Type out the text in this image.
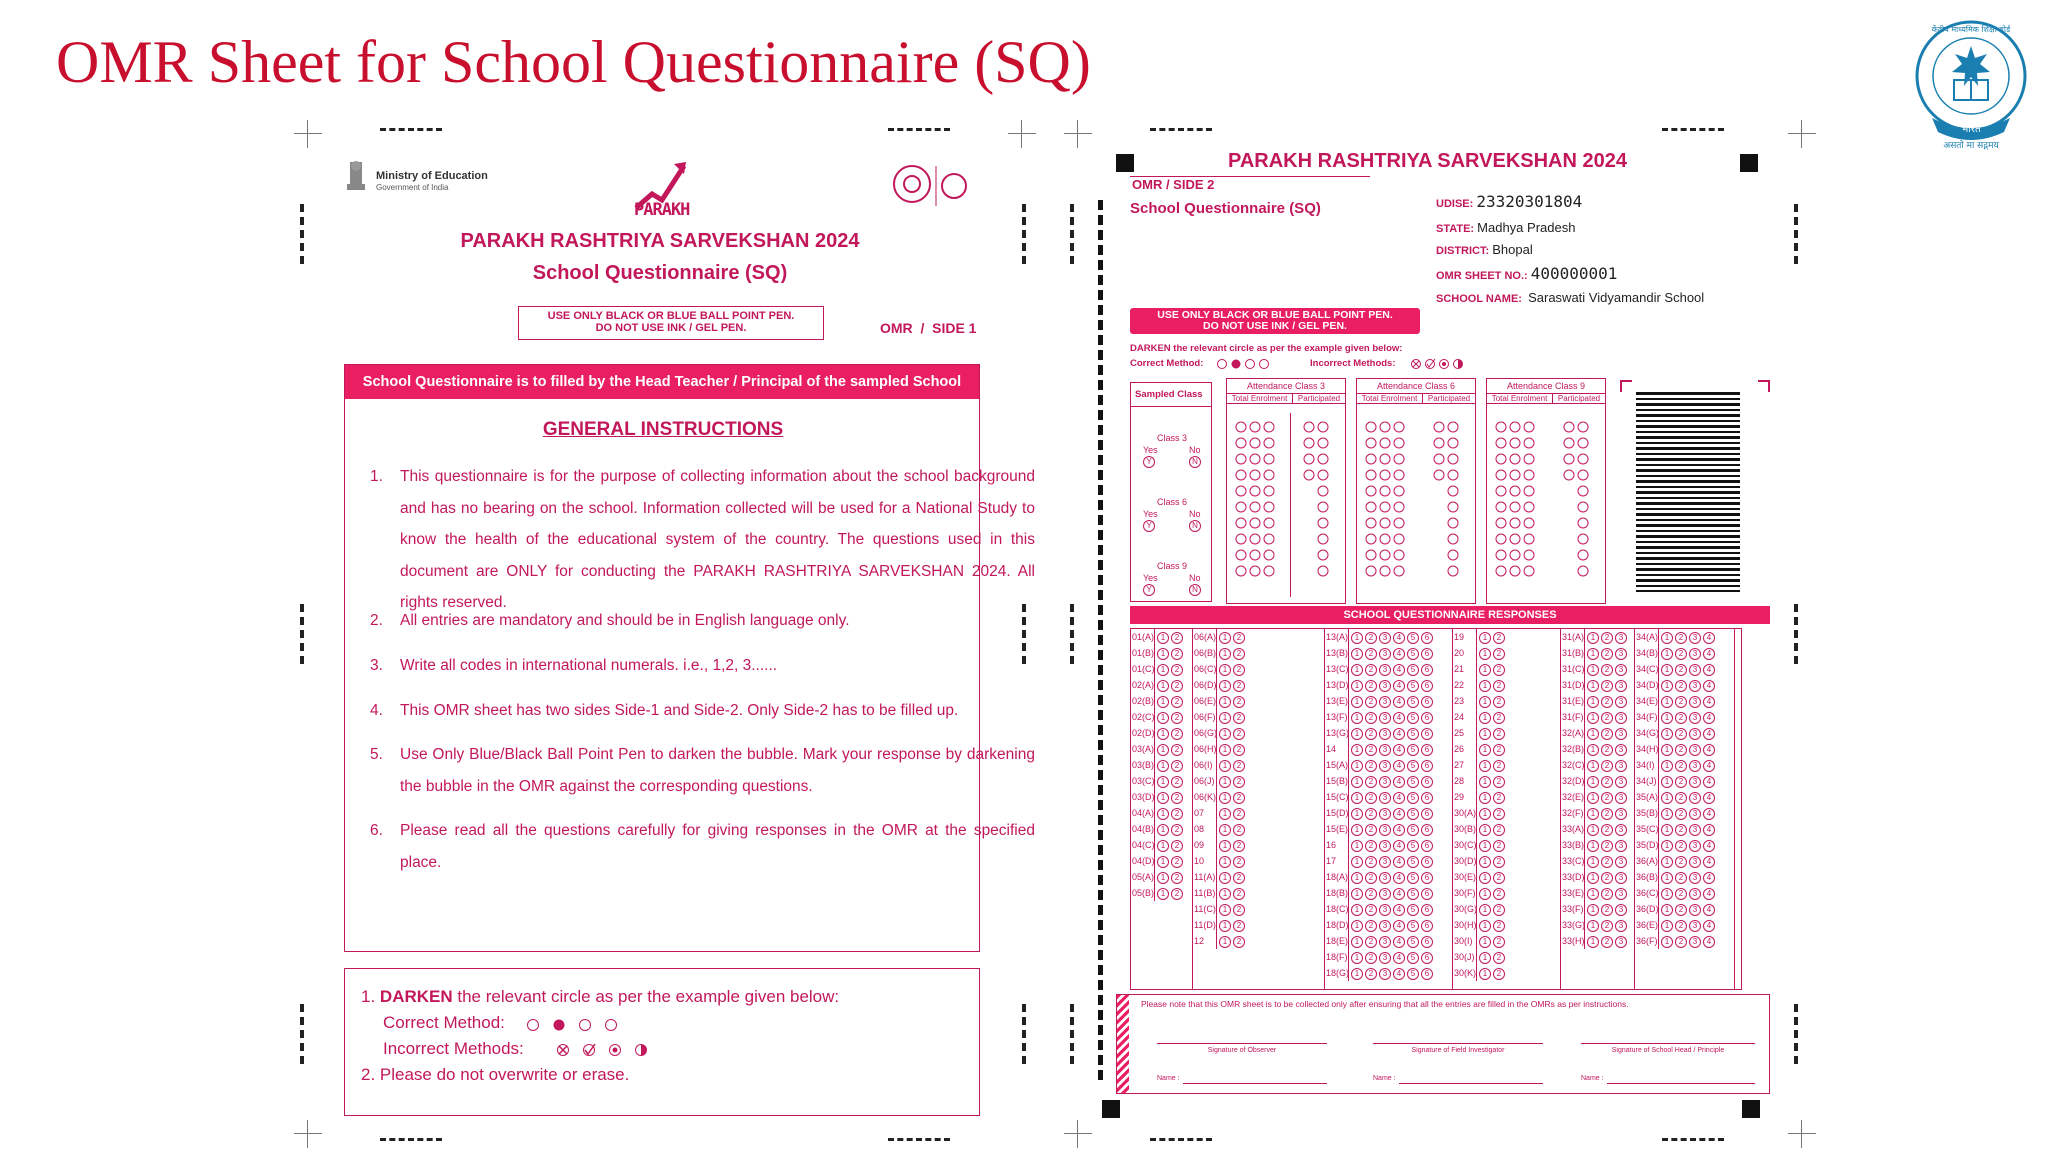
OMR Sheet for School Questionnaire (SQ)
भारत
असतो मा सद्गमय
केंद्रीय माध्यमिक शिक्षा बोर्ड
Ministry of Education
Government of India
PARAKH
PARAKH RASHTRIYA SARVEKSHAN 2024
School Questionnaire (SQ)
USE ONLY BLACK OR BLUE BALL POINT PEN.
DO NOT USE INK / GEL PEN.	OMR  /  SIDE 1
School Questionnaire is to filled by the Head Teacher / Principal of the sampled School
GENERAL INSTRUCTIONS
1. This questionnaire is for the purpose of collecting information about the school background and has no bearing on the school. Information collected will be used for a National Study to know the health of the educational system of the country. The questions used in this document are ONLY for conducting the PARAKH RASHTRIYA SARVEKSHAN 2024. All rights reserved.
2. All entries are mandatory and should be in English language only.
3. Write all codes in international numerals. i.e., 1,2, 3......
4. This OMR sheet has two sides Side-1 and Side-2. Only Side-2 has to be filled up.
5. Use Only Blue/Black Ball Point Pen to darken the bubble. Mark your response by darkening the bubble in the OMR against the corresponding questions.
6. Please read all the questions carefully for giving responses in the OMR at the specified place.
1. DARKEN the relevant circle as per the example given below:
Correct Method:
Incorrect Methods:
2. Please do not overwrite or erase.
PARAKH RASHTRIYA SARVEKSHAN 2024
OMR / SIDE 2
School Questionnaire (SQ)	UDISE: 23320301804
STATE: Madhya Pradesh
DISTRICT: Bhopal
OMR SHEET NO.: 400000001
SCHOOL NAME: Saraswati Vidyamandir School
USE ONLY BLACK OR BLUE BALL POINT PEN.
DO NOT USE INK / GEL PEN.
DARKEN the relevant circle as per the example given below:
Correct Method:	Incorrect Methods:
Sampled Class
Class 3
Yes	No
Y	N
Class 6
Yes	No
Y	N
Class 9
Yes	No
Y	N
Attendance Class 3
Total Enrolment	Participated
Attendance Class 6
Total Enrolment	Participated
Attendance Class 9
Total Enrolment	Participated
SCHOOL QUESTIONNAIRE RESPONSES
01(A) 1 2
01(B) 1 2
01(C) 1 2
02(A) 1 2
02(B) 1 2
02(C) 1 2
02(D) 1 2
03(A) 1 2
03(B) 1 2
03(C) 1 2
03(D) 1 2
04(A) 1 2
04(B) 1 2
04(C) 1 2
04(D) 1 2
05(A) 1 2
05(B) 1 2
06(A) 1 2
06(B) 1 2
06(C) 1 2
06(D) 1 2
06(E) 1 2
06(F) 1 2
06(G) 1 2
06(H) 1 2
06(I) 1 2
06(J) 1 2
06(K) 1 2
07 1 2
08 1 2
09 1 2
10 1 2
11(A) 1 2
11(B) 1 2
11(C) 1 2
11(D) 1 2
12 1 2
13(A) 1 2 3 4 5 6
13(B) 1 2 3 4 5 6
13(C) 1 2 3 4 5 6
13(D) 1 2 3 4 5 6
13(E) 1 2 3 4 5 6
13(F) 1 2 3 4 5 6
13(G) 1 2 3 4 5 6
14 1 2 3 4 5 6
15(A) 1 2 3 4 5 6
15(B) 1 2 3 4 5 6
15(C) 1 2 3 4 5 6
15(D) 1 2 3 4 5 6
15(E) 1 2 3 4 5 6
16 1 2 3 4 5 6
17 1 2 3 4 5 6
18(A) 1 2 3 4 5 6
18(B) 1 2 3 4 5 6
18(C) 1 2 3 4 5 6
18(D) 1 2 3 4 5 6
18(E) 1 2 3 4 5 6
18(F) 1 2 3 4 5 6
18(G) 1 2 3 4 5 6
19 1 2
20 1 2
21 1 2
22 1 2
23 1 2
24 1 2
25 1 2
26 1 2
27 1 2
28 1 2
29 1 2
30(A) 1 2
30(B) 1 2
30(C) 1 2
30(D) 1 2
30(E) 1 2
30(F) 1 2
30(G) 1 2
30(H) 1 2
30(I) 1 2
30(J) 1 2
30(K) 1 2
31(A) 1 2 3
31(B) 1 2 3
31(C) 1 2 3
31(D) 1 2 3
31(E) 1 2 3
31(F) 1 2 3
32(A) 1 2 3
32(B) 1 2 3
32(C) 1 2 3
32(D) 1 2 3
32(E) 1 2 3
32(F) 1 2 3
33(A) 1 2 3
33(B) 1 2 3
33(C) 1 2 3
33(D) 1 2 3
33(E) 1 2 3
33(F) 1 2 3
33(G) 1 2 3
33(H) 1 2 3
34(A) 1 2 3 4
34(B) 1 2 3 4
34(C) 1 2 3 4
34(D) 1 2 3 4
34(E) 1 2 3 4
34(F) 1 2 3 4
34(G) 1 2 3 4
34(H) 1 2 3 4
34(I) 1 2 3 4
34(J) 1 2 3 4
35(A) 1 2 3 4
35(B) 1 2 3 4
35(C) 1 2 3 4
35(D) 1 2 3 4
36(A) 1 2 3 4
36(B) 1 2 3 4
36(C) 1 2 3 4
36(D) 1 2 3 4
36(E) 1 2 3 4
36(F) 1 2 3 4
Please note that this OMR sheet is to be collected only after ensuring that all the entries are filled in the OMRs as per instructions.
Signature of Observer
Name :
Signature of Field Investigator
Name :
Signature of School Head / Principle
Name :
